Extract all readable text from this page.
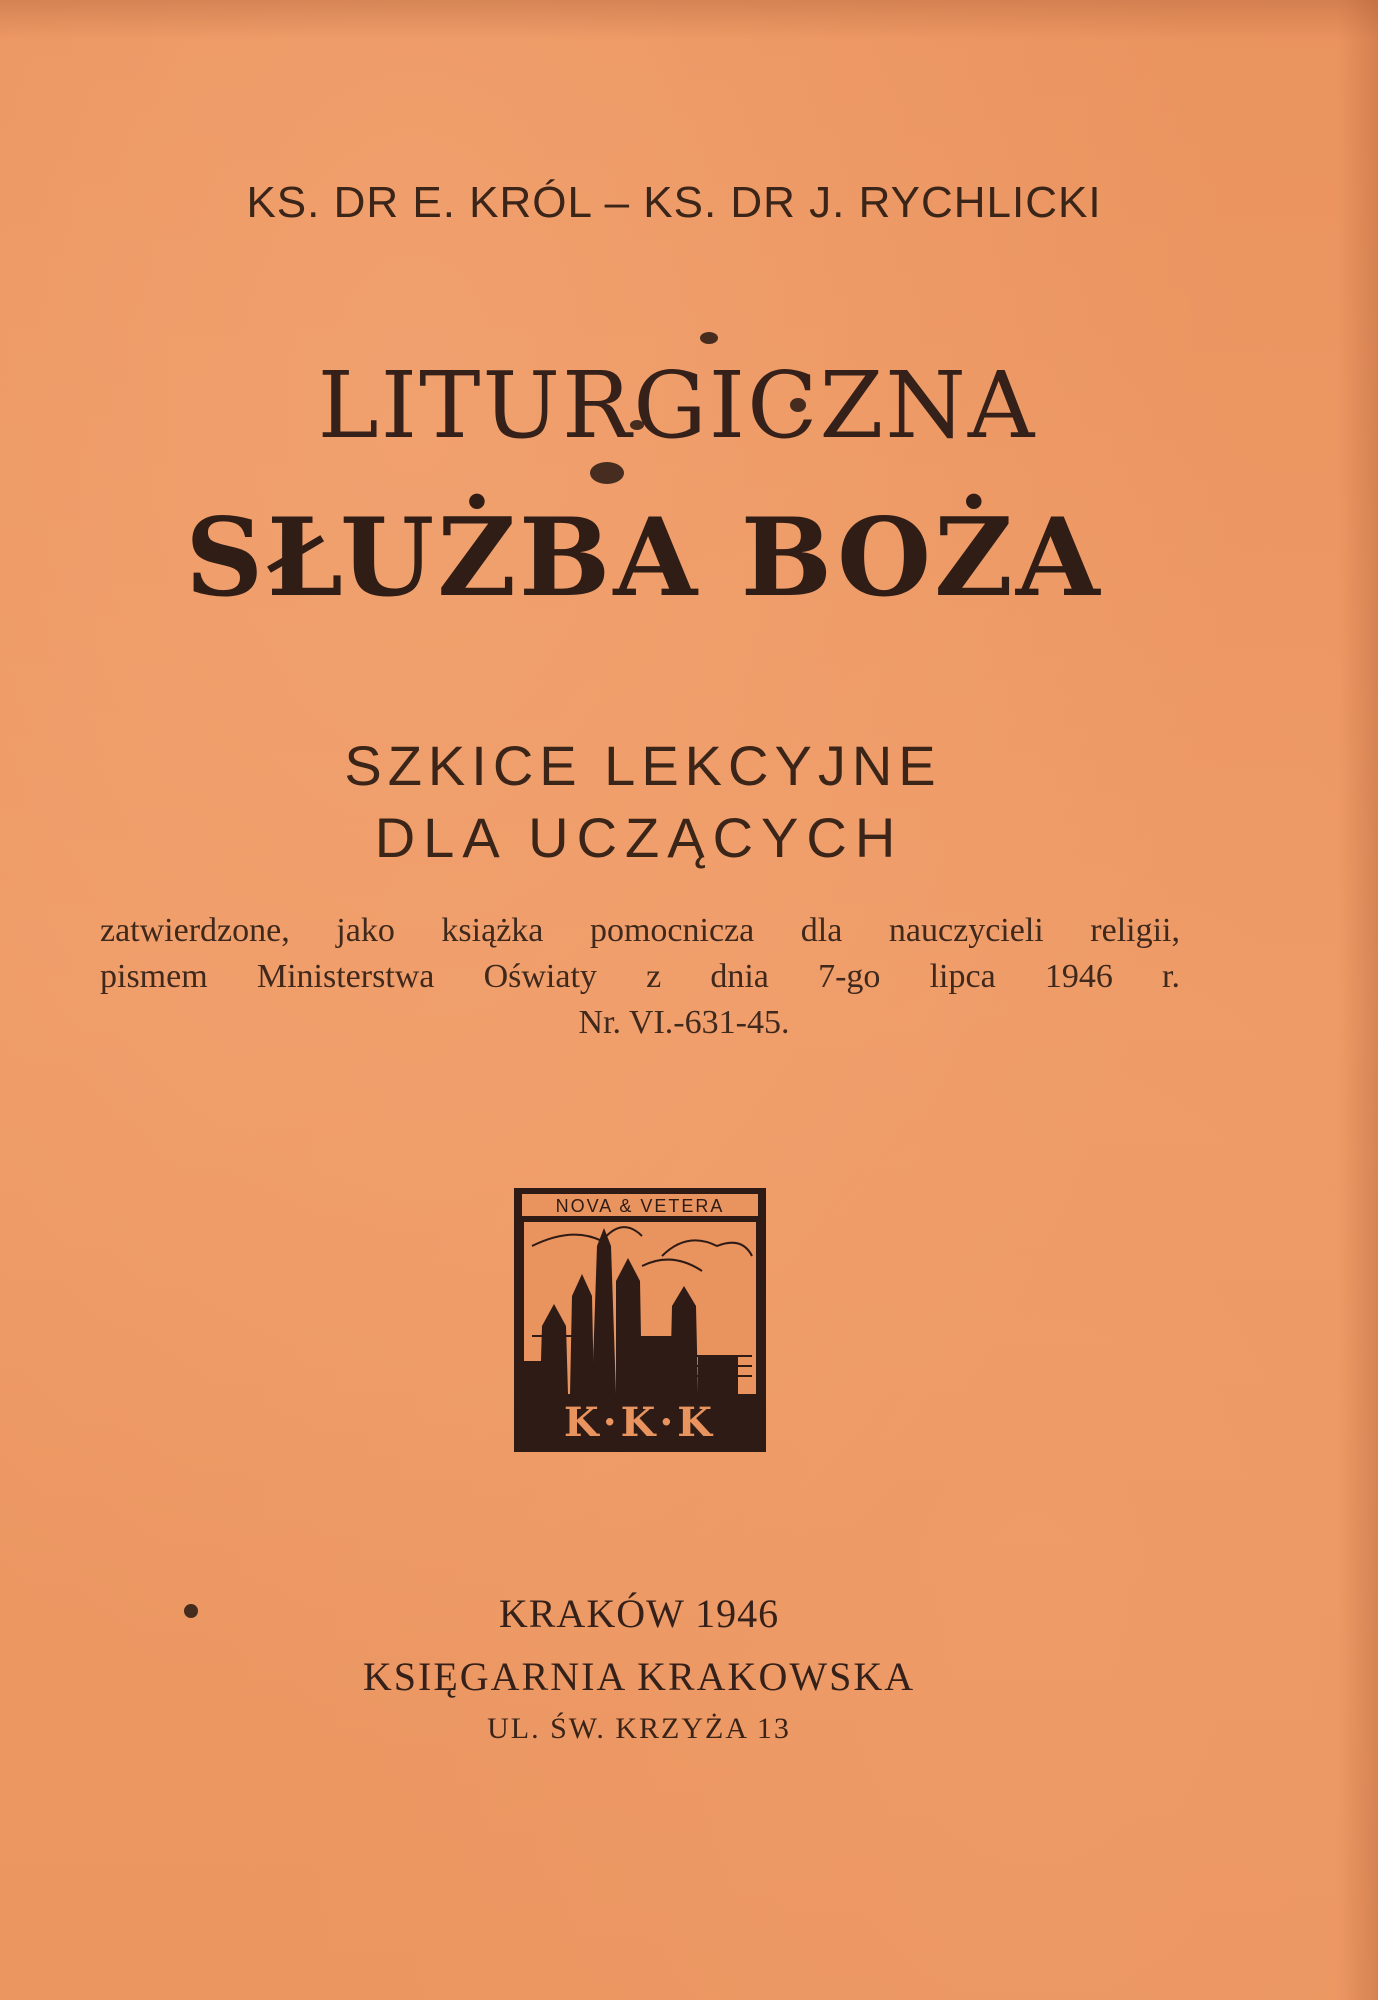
KS. DR E. KRÓL – KS. DR J. RYCHLICKI
LITURGICZNA
SŁUŻBA BOŻA
SZKICE LEKCYJNE
DLA UCZĄCYCH
zatwierdzone, jako książka pomocnicza dla nauczycieli religii,
pismem Ministerstwa Oświaty z dnia 7-go lipca 1946 r.
Nr. VI.-631-45.
NOVA & VETERA
K·K·K
KRAKÓW 1946
KSIĘGARNIA KRAKOWSKA
UL. ŚW. KRZYŻA 13
